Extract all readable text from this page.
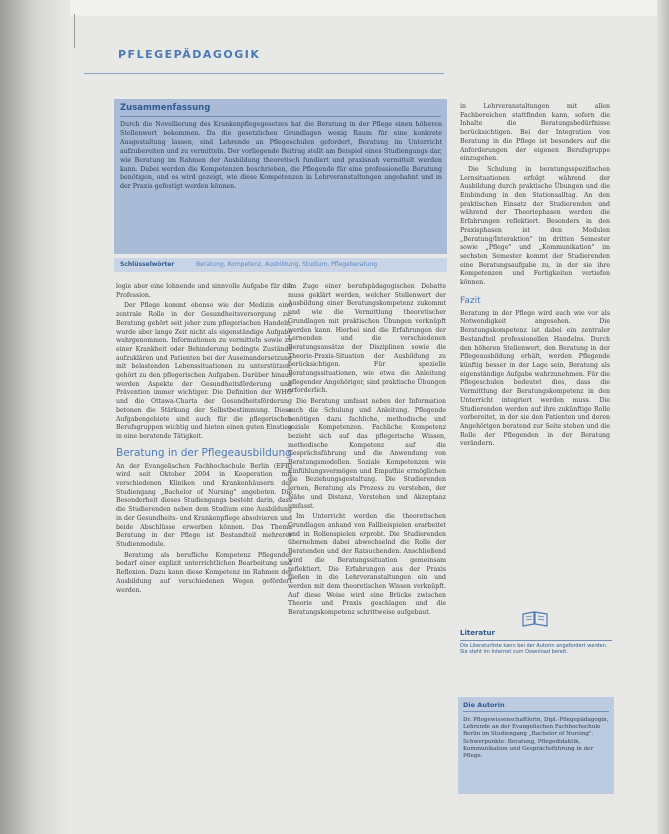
PFLEGEPÄDAGOGIK
Zusammenfassung
Durch die Novellierung des Krankenpflegegesetzes hat die Beratung in der Pflege einen höheren Stellenwert bekommen. Da die gesetzlichen Grundlagen wenig Raum für eine konkrete Ausgestaltung lassen, sind Lehrende an Pflegeschulen gefordert, Beratung im Unterricht aufzubereiten und zu vermitteln. Der vorliegende Beitrag stellt am Beispiel eines Studiengangs dar, wie Beratung im Rahmen der Ausbildung theoretisch fundiert und praxisnah vermittelt werden kann. Dabei werden die Kompetenzen beschrieben, die Pflegende für eine professionelle Beratung benötigen, und es wird gezeigt, wie diese Kompetenzen in Lehrveranstaltungen angebahnt und in der Praxis gefestigt werden können.
Schlüsselwörter	Beratung, Kompetenz, Ausbildung, Studium, Pflegeberatung

logie aber eine lohnende und sinnvolle Aufgabe für die Profession.

Der Pflege kommt ebenso wie der Medizin eine zentrale Rolle in der Gesundheitsversorgung zu. Beratung gehört seit jeher zum pflegerischen Handeln, wurde aber lange Zeit nicht als eigenständige Aufgabe wahrgenommen. Informationen zu vermitteln sowie zu einer Krankheit oder Behinderung bedingte Zustände aufzuklären und Patienten bei der Auseinandersetzung mit belastenden Lebenssituationen zu unterstützen, gehört zu den pflegerischen Aufgaben. Darüber hinaus werden Aspekte der Gesundheitsförderung und Prävention immer wichtiger. Die Definition der WHO und die Ottawa-Charta der Gesundheitsförderung betonen die Stärkung der Selbstbestimmung. Diese Aufgabengebiete sind auch für die pflegerischen Berufsgruppen wichtig und bieten einen guten Einstieg in eine beratende Tätigkeit.

Beratung in der Pflegeausbildung

An der Evangelischen Fachhochschule Berlin (EFB) wird seit Oktober 2004 in Kooperation mit verschiedenen Kliniken und Krankenhäusern der Studiengang „Bachelor of Nursing" angeboten. Die Besonderheit dieses Studiengangs besteht darin, dass die Studierenden neben dem Studium eine Ausbildung in der Gesundheits- und Krankenpflege absolvieren und beide Abschlüsse erwerben können. Das Thema Beratung in der Pflege ist Bestandteil mehrerer Studienmodule.

Beratung als berufliche Kompetenz Pflegender bedarf einer explizit unterrichtlichen Bearbeitung und Reflexion. Dazu kann diese Kompetenz im Rahmen der Ausbildung auf verschiedenen Wegen gefördert werden.

Im Zuge einer berufspädagogischen Debatte muss geklärt werden, welcher Stellenwert der Ausbildung einer Beratungskompetenz zukommt und wie die Vermittlung theoretischer Grundlagen mit praktischen Übungen verknüpft werden kann. Hierbei sind die Erfahrungen der Lernenden und die verschiedenen Beratungsansätze der Disziplinen sowie die Theorie-Praxis-Situation der Ausbildung zu berücksichtigen. Für spezielle Beratungssituationen, wie etwa die Anleitung pflegender Angehöriger, sind praktische Übungen erforderlich.

Die Beratung umfasst neben der Information auch die Schulung und Anleitung. Pflegende benötigen dazu fachliche, methodische und soziale Kompetenzen. Fachliche Kompetenz bezieht sich auf das pflegerische Wissen, methodische Kompetenz auf die Gesprächsführung und die Anwendung von Beratungsmodellen. Soziale Kompetenzen wie Einfühlungsvermögen und Empathie ermöglichen die Beziehungsgestaltung. Die Studierenden lernen, Beratung als Prozess zu verstehen, der Nähe und Distanz, Verstehen und Akzeptanz umfasst.

Im Unterricht werden die theoretischen Grundlagen anhand von Fallbeispielen erarbeitet und in Rollenspielen erprobt. Die Studierenden übernehmen dabei abwechselnd die Rolle der Beratenden und der Ratsuchenden. Anschließend wird die Beratungssituation gemeinsam reflektiert. Die Erfahrungen aus der Praxis fließen in die Lehrveranstaltungen ein und werden mit dem theoretischen Wissen verknüpft. Auf diese Weise wird eine Brücke zwischen Theorie und Praxis geschlagen und die Beratungskompetenz schrittweise aufgebaut.

in Lehrveranstaltungen mit allen Fachbereichen stattfinden kann, sofern die Inhalte die Beratungsbedürfnisse berücksichtigen. Bei der Integration von Beratung in die Pflege ist besonders auf die Anforderungen der eigenen Berufsgruppe einzugehen.

Die Schulung in beratungsspezifischen Lernsituationen erfolgt während der Ausbildung durch praktische Übungen und die Einbindung in den Stationsalltag. An den praktischen Einsatz der Studierenden und während der Theoriephasen werden die Erfahrungen reflektiert. Besonders in den Praxisphasen ist den Modulen „Beratung/Interaktion" im dritten Semester sowie „Pflege" und „Kommunikation" im sechsten Semester kommt der Studierenden eine Beratungsaufgabe zu, in der sie ihre Kompetenzen und Fertigkeiten vertiefen können.

Fazit

Beratung in der Pflege wird auch wie vor als Notwendigkeit angesehen. Die Beratungskompetenz ist dabei ein zentraler Bestandteil professionellen Handelns. Durch den höheren Stellenwert, den Beratung in der Pflegeausbildung erhält, werden Pflegende künftig besser in der Lage sein, Beratung als eigenständige Aufgabe wahrzunehmen. Für die Pflegeschulen bedeutet dies, dass die Vermittlung der Beratungskompetenz in den Unterricht integriert werden muss. Die Studierenden werden auf ihre zukünftige Rolle vorbereitet, in der sie den Patienten und deren Angehörigen beratend zur Seite stehen und die Rolle der Pflegenden in der Beratung verändern.

Literatur
Die Literaturliste kann bei der Autorin angefordert werden. Sie steht im Internet zum Download bereit.
Die Autorin
Dr. Pflegewissenschaftlerin, Dipl.-Pflegepädagogin, Lehrende an der Evangelischen Fachhochschule Berlin im Studiengang „Bachelor of Nursing". Schwerpunkte: Beratung, Pflegedidaktik, Kommunikation und Gesprächsführung in der Pflege.
